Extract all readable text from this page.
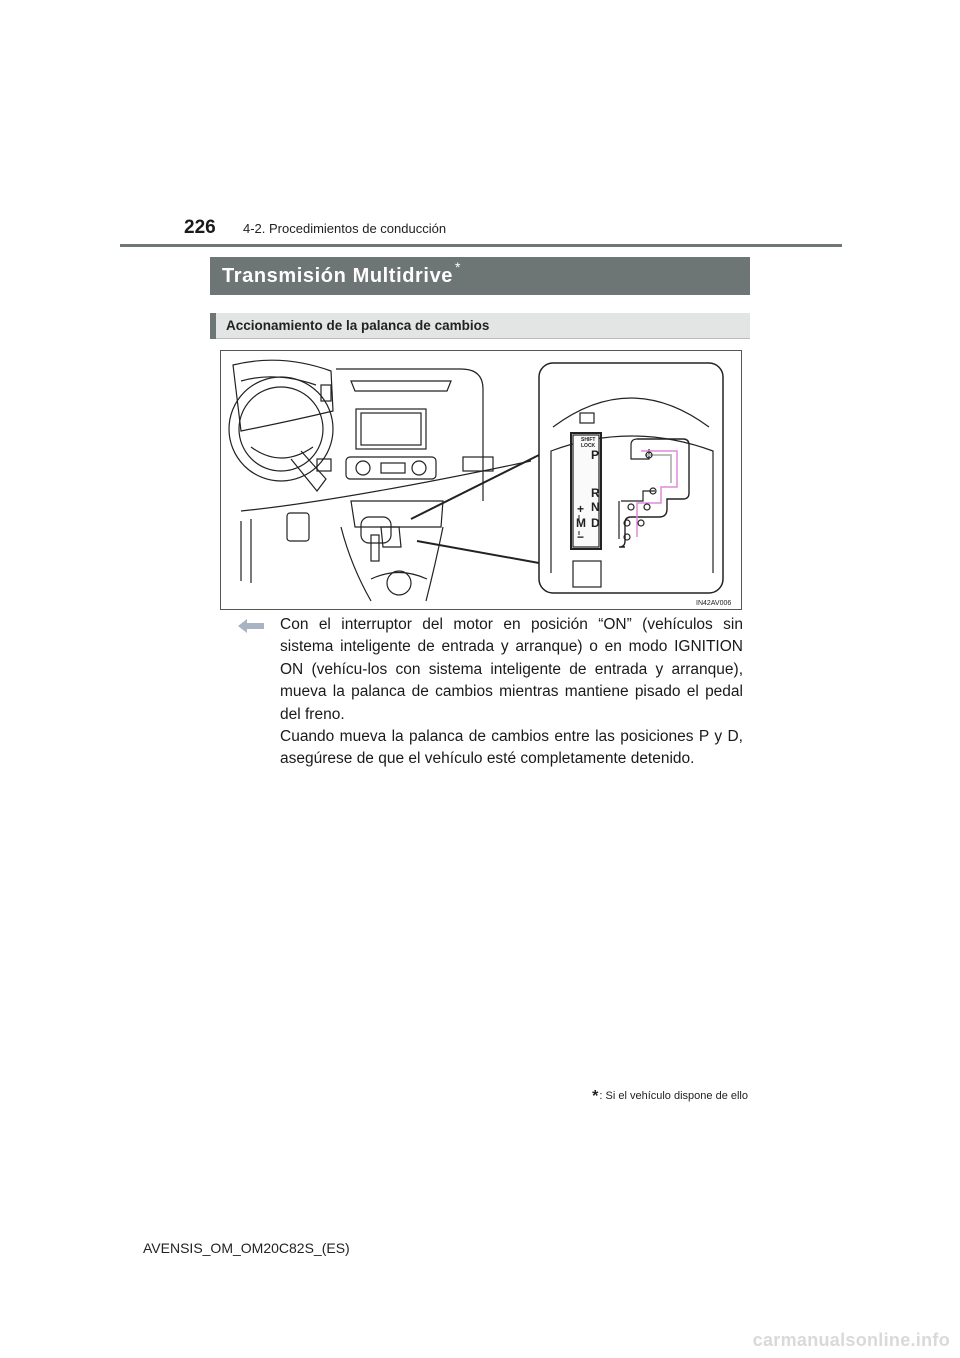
226 4-2. Procedimientos de conducción
Transmisión Multidrive *
Accionamiento de la palanca de cambios
SHIFT
LOCK
P
R
N
D
M
+
−
IN42AV006

Con el interruptor del motor en posición “ON” (vehículos sin sistema inteligente de entrada y arranque) o en modo IGNITION ON (vehícu-los con sistema inteligente de entrada y arranque), mueva la palanca de cambios mientras mantiene pisado el pedal del freno.

Cuando mueva la palanca de cambios entre las posiciones P y D, asegúrese de que el vehículo esté completamente detenido.

*: Si el vehículo dispone de ello
AVENSIS_OM_OM20C82S_(ES)
carmanualsonline.info
